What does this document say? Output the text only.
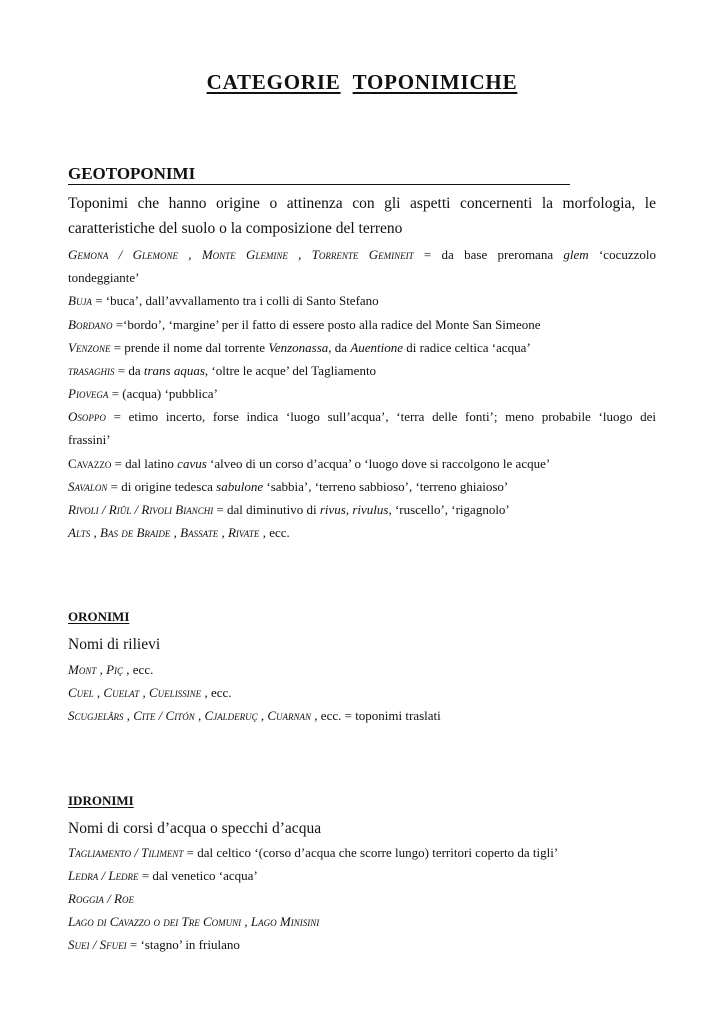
CATEGORIE TOPONIMICHE
GEOTOPONIMI

Toponimi che hanno origine o attinenza con gli aspetti concernenti la morfologia, le

caratteristiche del suolo o la composizione del terreno

Gemona / Glemone , Monte Glemine , Torrente Gemineit = da base preromana glem ‘cocuzzolo
tondeggiante’
Buja = ‘buca’, dall’avvallamento tra i colli di Santo Stefano
Bordano =‘bordo’, ‘margine’ per il fatto di essere posto alla radice del Monte San Simeone
Venzone = prende il nome dal torrente Venzonassa, da Auentione di radice celtica ‘acqua’
trasaghis = da trans aquas, ‘oltre le acque’ del Tagliamento
Piovega = (acqua) ‘pubblica’
Osoppo = etimo incerto, forse indica ‘luogo sull’acqua’, ‘terra delle fonti’; meno probabile ‘luogo dei
frassini’
Cavazzo = dal latino cavus ‘alveo di un corso d’acqua’ o ‘luogo dove si raccolgono le acque’
Savalon = di origine tedesca sabulone ‘sabbia’, ‘terreno sabbioso’, ‘terreno ghiaioso’
Rivoli / Riûl / Rivoli Bianchi = dal diminutivo di rivus, rivulus, ‘ruscello’, ‘rigagnolo’
Alts , Bas de Braide , Bassate , Rivate , ecc.
ORONIMI

Nomi di rilievi

Mont , Piç , ecc.
Cuel , Cuelat , Cuelissine , ecc.
Scugjelârs , Cite / Citón , Cjalderuç , Cuarnan , ecc. = toponimi traslati
IDRONIMI

Nomi di corsi d’acqua o specchi d’acqua

Tagliamento / Tiliment = dal celtico ‘(corso d’acqua che scorre lungo) territori coperto da tigli’
Ledra / Ledre = dal venetico ‘acqua’
Roggia / Roe
Lago di Cavazzo o dei Tre Comuni , Lago Minisini
Suei / Sfuei = ‘stagno’ in friulano
